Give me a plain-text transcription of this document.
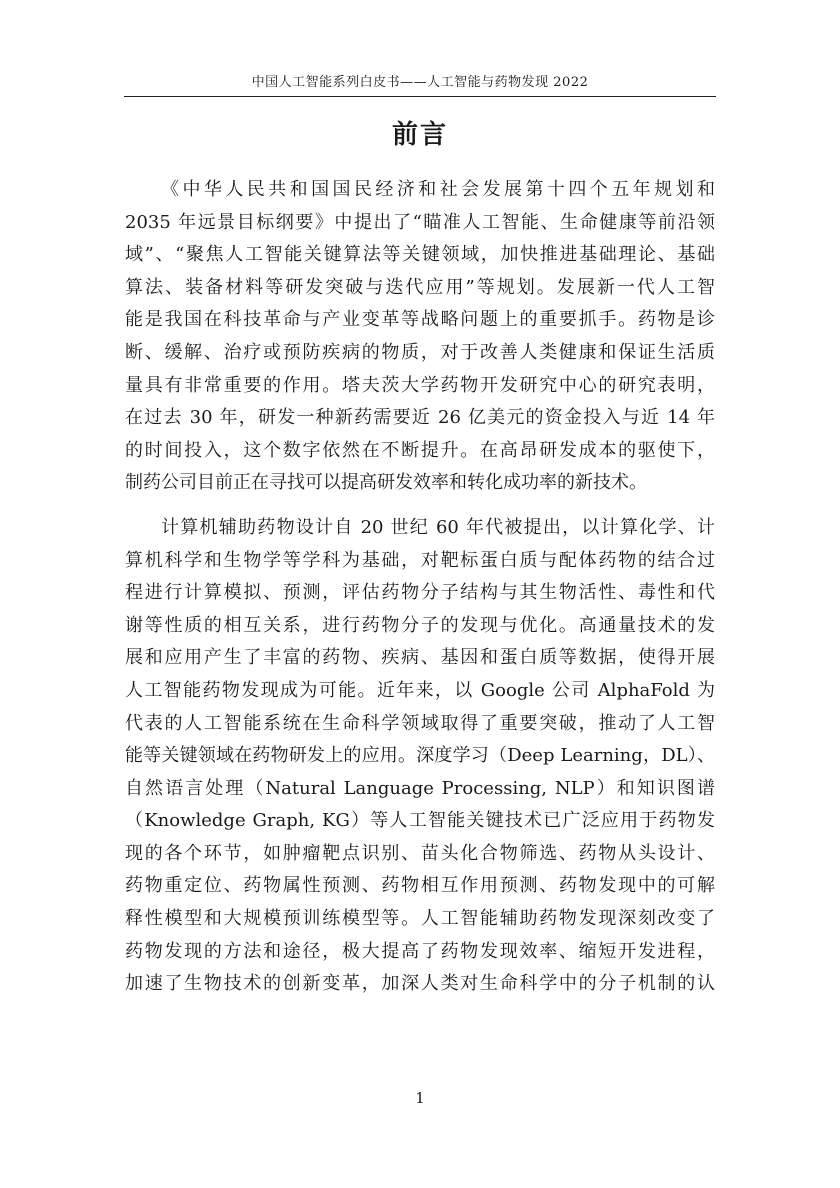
中国人工智能系列白皮书——人工智能与药物发现 2022
前言
《中华人民共和国国民经济和社会发展第十四个五年规划和
2035 年远景目标纲要》中提出了“瞄准人工智能、生命健康等前沿领
域”、“聚焦人工智能关键算法等关键领域，加快推进基础理论、基础
算法、装备材料等研发突破与迭代应用”等规划。发展新一代人工智
能是我国在科技革命与产业变革等战略问题上的重要抓手。药物是诊
断、缓解、治疗或预防疾病的物质，对于改善人类健康和保证生活质
量具有非常重要的作用。塔夫茨大学药物开发研究中心的研究表明，
在过去 30 年，研发一种新药需要近 26 亿美元的资金投入与近 14 年
的时间投入，这个数字依然在不断提升。在高昂研发成本的驱使下，
制药公司目前正在寻找可以提高研发效率和转化成功率的新技术。
计算机辅助药物设计自 20 世纪 60 年代被提出，以计算化学、计
算机科学和生物学等学科为基础，对靶标蛋白质与配体药物的结合过
程进行计算模拟、预测，评估药物分子结构与其生物活性、毒性和代
谢等性质的相互关系，进行药物分子的发现与优化。高通量技术的发
展和应用产生了丰富的药物、疾病、基因和蛋白质等数据，使得开展
人工智能药物发现成为可能。近年来，以 Google 公司 AlphaFold 为
代表的人工智能系统在生命科学领域取得了重要突破，推动了人工智
能等关键领域在药物研发上的应用。深度学习（Deep Learning，DL）、
自然语言处理（Natural Language Processing, NLP）和知识图谱
（Knowledge Graph, KG）等人工智能关键技术已广泛应用于药物发
现的各个环节，如肿瘤靶点识别、苗头化合物筛选、药物从头设计、
药物重定位、药物属性预测、药物相互作用预测、药物发现中的可解
释性模型和大规模预训练模型等。人工智能辅助药物发现深刻改变了
药物发现的方法和途径，极大提高了药物发现效率、缩短开发进程，
加速了生物技术的创新变革，加深人类对生命科学中的分子机制的认
1
